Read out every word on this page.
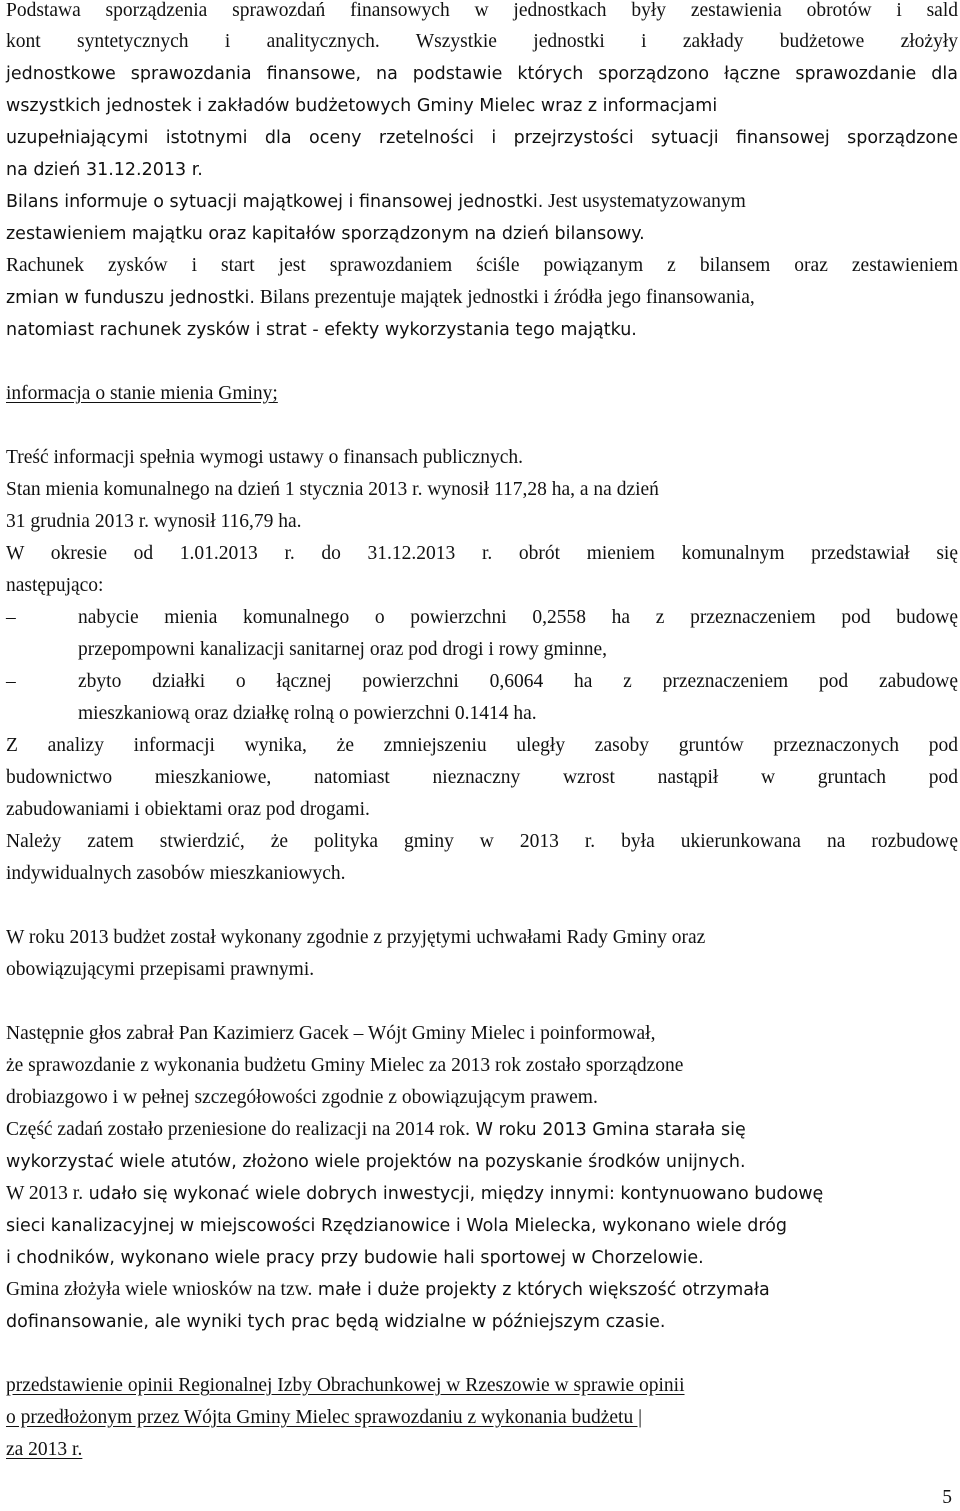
Podstawa sporządzenia sprawozdań finansowych w jednostkach były zestawienia obrotów i sald
kont syntetycznych i analitycznych. Wszystkie jednostki i zakłady budżetowe złożyły
jednostkowe sprawozdania finansowe, na podstawie których sporządzono łączne sprawozdanie dla
wszystkich jednostek i zakładów budżetowych Gminy Mielec wraz z informacjami
uzupełniającymi istotnymi dla oceny rzetelności i przejrzystości sytuacji finansowej sporządzone
na dzień 31.12.2013 r.
Bilans informuje o sytuacji majątkowej i finansowej jednostki. Jest usystematyzowanym
zestawieniem majątku oraz kapitałów sporządzonym na dzień bilansowy.
Rachunek zysków i start jest sprawozdaniem ściśle powiązanym z bilansem oraz zestawieniem
zmian w funduszu jednostki. Bilans prezentuje majątek jednostki i źródła jego finansowania,
natomiast rachunek zysków i strat - efekty wykorzystania tego majątku.
informacja o stanie mienia Gminy;
Treść informacji spełnia wymogi ustawy o finansach publicznych.
Stan mienia komunalnego na dzień 1 stycznia 2013 r. wynosił 117,28 ha, a na dzień
31 grudnia 2013 r. wynosił 116,79 ha.
W okresie od 1.01.2013 r. do 31.12.2013 r. obrót mieniem komunalnym przedstawiał się
następująco:
–	nabycie mienia komunalnego o powierzchni 0,2558 ha z przeznaczeniem pod budowę
przepompowni kanalizacji sanitarnej oraz pod drogi i rowy gminne,
–	zbyto działki o łącznej powierzchni 0,6064 ha z przeznaczeniem pod zabudowę
mieszkaniową oraz działkę rolną o powierzchni 0.1414 ha.
Z analizy informacji wynika, że zmniejszeniu uległy zasoby gruntów przeznaczonych pod
budownictwo mieszkaniowe, natomiast nieznaczny wzrost nastąpił w gruntach pod
zabudowaniami i obiektami oraz pod drogami.
Należy zatem stwierdzić, że polityka gminy w 2013 r. była ukierunkowana na rozbudowę
indywidualnych zasobów mieszkaniowych.
W roku 2013 budżet został wykonany zgodnie z przyjętymi uchwałami Rady Gminy oraz
obowiązującymi przepisami prawnymi.
Następnie głos zabrał Pan Kazimierz Gacek – Wójt Gminy Mielec i poinformował,
że sprawozdanie z wykonania budżetu Gminy Mielec za 2013 rok zostało sporządzone
drobiazgowo i w pełnej szczegółowości zgodnie z obowiązującym prawem.
Część zadań zostało przeniesione do realizacji na 2014 rok. W roku 2013 Gmina starała się
wykorzystać wiele atutów, złożono wiele projektów na pozyskanie środków unijnych.
W 2013 r. udało się wykonać wiele dobrych inwestycji, między innymi: kontynuowano budowę
sieci kanalizacyjnej w miejscowości Rzędzianowice i Wola Mielecka, wykonano wiele dróg
i chodników, wykonano wiele pracy przy budowie hali sportowej w Chorzelowie.
Gmina złożyła wiele wniosków na tzw. małe i duże projekty z których większość otrzymała
dofinansowanie, ale wyniki tych prac będą widzialne w późniejszym czasie.
przedstawienie opinii Regionalnej Izby Obrachunkowej w Rzeszowie w sprawie opinii
o przedłożonym przez Wójta Gminy Mielec sprawozdaniu z wykonania budżetu |
za 2013 r.
5
